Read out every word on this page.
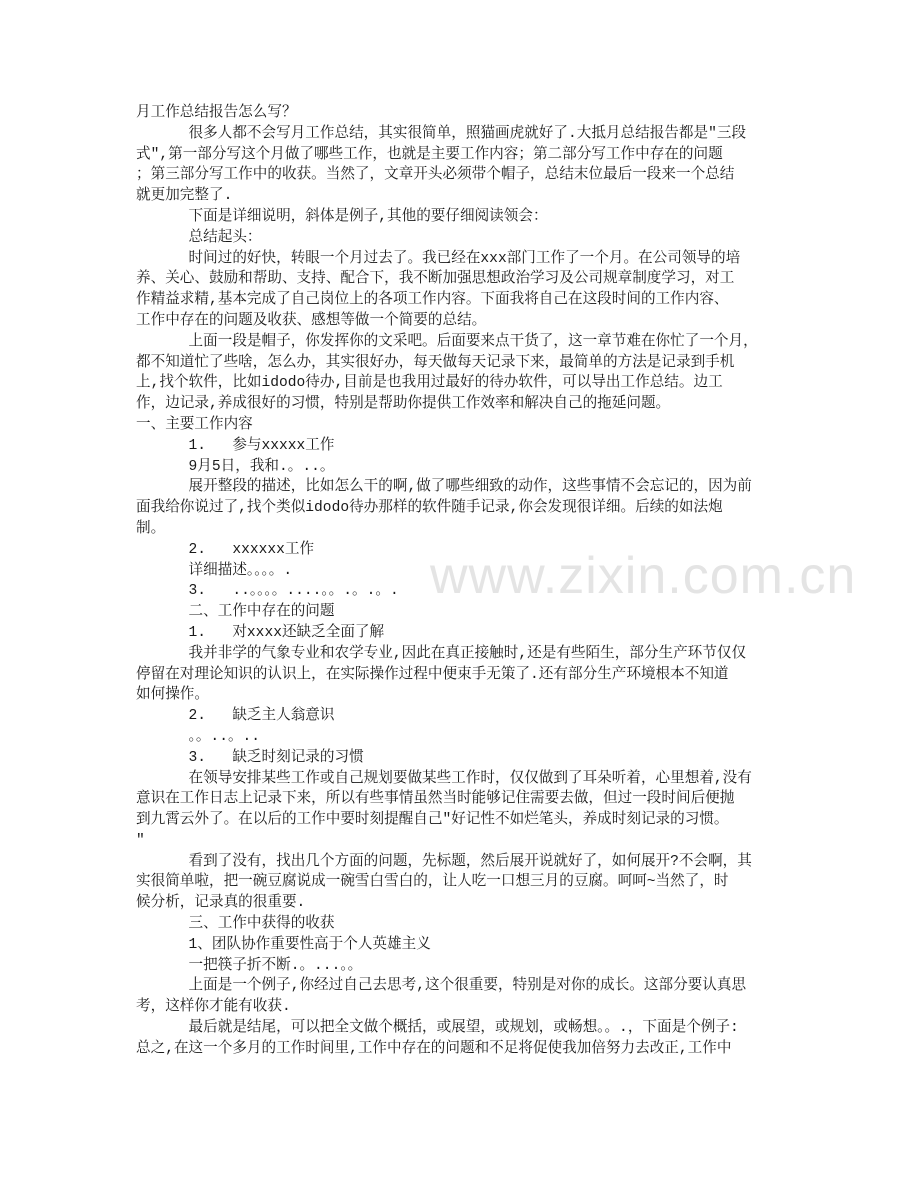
www.zixin.com.cn
月工作总结报告怎么写？
很多人都不会写月工作总结，其实很简单，照猫画虎就好了.大抵月总结报告都是"三段
式",第一部分写这个月做了哪些工作，也就是主要工作内容；第二部分写工作中存在的问题
；第三部分写工作中的收获。当然了，文章开头必须带个帽子，总结末位最后一段来一个总结
就更加完整了.
下面是详细说明，斜体是例子,其他的要仔细阅读领会：
总结起头：
时间过的好快，转眼一个月过去了。我已经在xxx部门工作了一个月。在公司领导的培
养、关心、鼓励和帮助、支持、配合下，我不断加强思想政治学习及公司规章制度学习，对工
作精益求精,基本完成了自己岗位上的各项工作内容。下面我将自己在这段时间的工作内容、
工作中存在的问题及收获、感想等做一个简要的总结。
上面一段是帽子，你发挥你的文采吧。后面要来点干货了，这一章节难在你忙了一个月，
都不知道忙了些啥，怎么办，其实很好办，每天做每天记录下来，最简单的方法是记录到手机
上,找个软件，比如idodo待办,目前是也我用过最好的待办软件，可以导出工作总结。边工
作，边记录,养成很好的习惯，特别是帮助你提供工作效率和解决自己的拖延问题。
一、主要工作内容
1.   参与xxxxx工作
9月5日，我和.。..。
展开整段的描述，比如怎么干的啊,做了哪些细致的动作，这些事情不会忘记的，因为前
面我给你说过了,找个类似idodo待办那样的软件随手记录,你会发现很详细。后续的如法炮
制。
2.   xxxxxx工作
详细描述。。。。.
3.   ..。。。。....。。.。.。.
二、工作中存在的问题
1.   对xxxx还缺乏全面了解
我并非学的气象专业和农学专业,因此在真正接触时,还是有些陌生，部分生产环节仅仅
停留在对理论知识的认识上，在实际操作过程中便束手无策了.还有部分生产环境根本不知道
如何操作。
2.   缺乏主人翁意识
。。..。..
3.   缺乏时刻记录的习惯
在领导安排某些工作或自己规划要做某些工作时，仅仅做到了耳朵听着，心里想着,没有
意识在工作日志上记录下来，所以有些事情虽然当时能够记住需要去做，但过一段时间后便抛
到九霄云外了。在以后的工作中要时刻提醒自己"好记性不如烂笔头，养成时刻记录的习惯。
"
看到了没有，找出几个方面的问题，先标题，然后展开说就好了，如何展开?不会啊，其
实很简单啦，把一碗豆腐说成一碗雪白雪白的，让人吃一口想三月的豆腐。呵呵~当然了，时
候分析，记录真的很重要.
三、工作中获得的收获
1、团队协作重要性高于个人英雄主义
一把筷子折不断.。...。。
上面是一个例子,你经过自己去思考,这个很重要，特别是对你的成长。这部分要认真思
考，这样你才能有收获.
最后就是结尾，可以把全文做个概括，或展望，或规划，或畅想。。.，下面是个例子:
总之,在这一个多月的工作时间里,工作中存在的问题和不足将促使我加倍努力去改正,工作中
